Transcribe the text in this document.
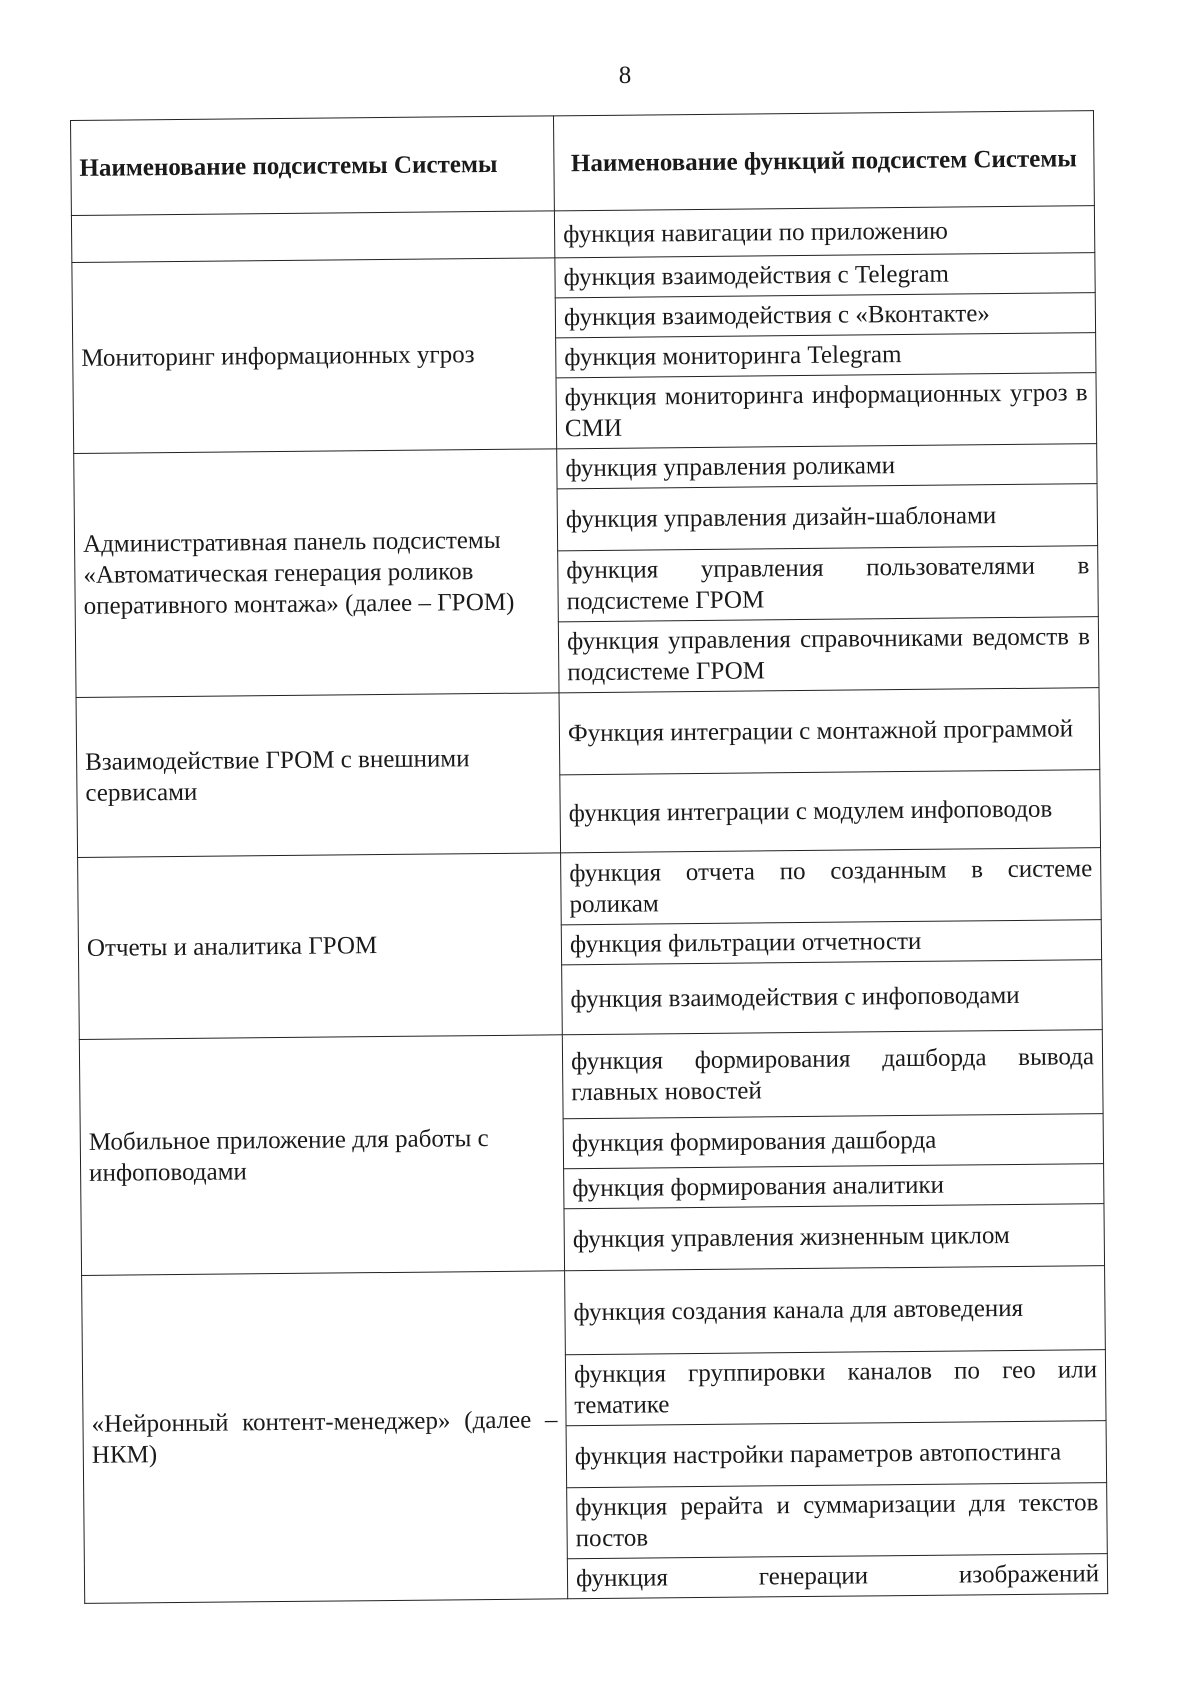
8
Наименование подсистемы Системы	Наименование функций подсистем Системы
	функция навигации по приложению
Мониторинг информационных угроз	функция взаимодействия с Telegram
	функция взаимодействия с «Вконтакте»
	функция мониторинга Telegram
	функция мониторинга информационных угроз в СМИ
Административная панель подсистемы «Автоматическая генерация роликов оперативного монтажа» (далее – ГРОМ)	функция управления роликами
	функция управления дизайн-шаблонами
	функция управления пользователями в подсистеме ГРОМ
	функция управления справочниками ведомств в подсистеме ГРОМ
Взаимодействие ГРОМ с внешними сервисами	Функция интеграции с монтажной программой
	функция интеграции с модулем инфоповодов
Отчеты и аналитика ГРОМ	функция отчета по созданным в системе роликам
	функция фильтрации отчетности
	функция взаимодействия с инфоповодами
Мобильное приложение для работы с инфоповодами	функция формирования дашборда вывода главных новостей
	функция формирования дашборда
	функция формирования аналитики
	функция управления жизненным циклом
«Нейронный контент-менеджер» (далее – НКМ)	функция создания канала для автоведения
	функция группировки каналов по гео или тематике
	функция настройки параметров автопостинга
	функция рерайта и суммаризации для текстов постов
	функция генерации изображений
